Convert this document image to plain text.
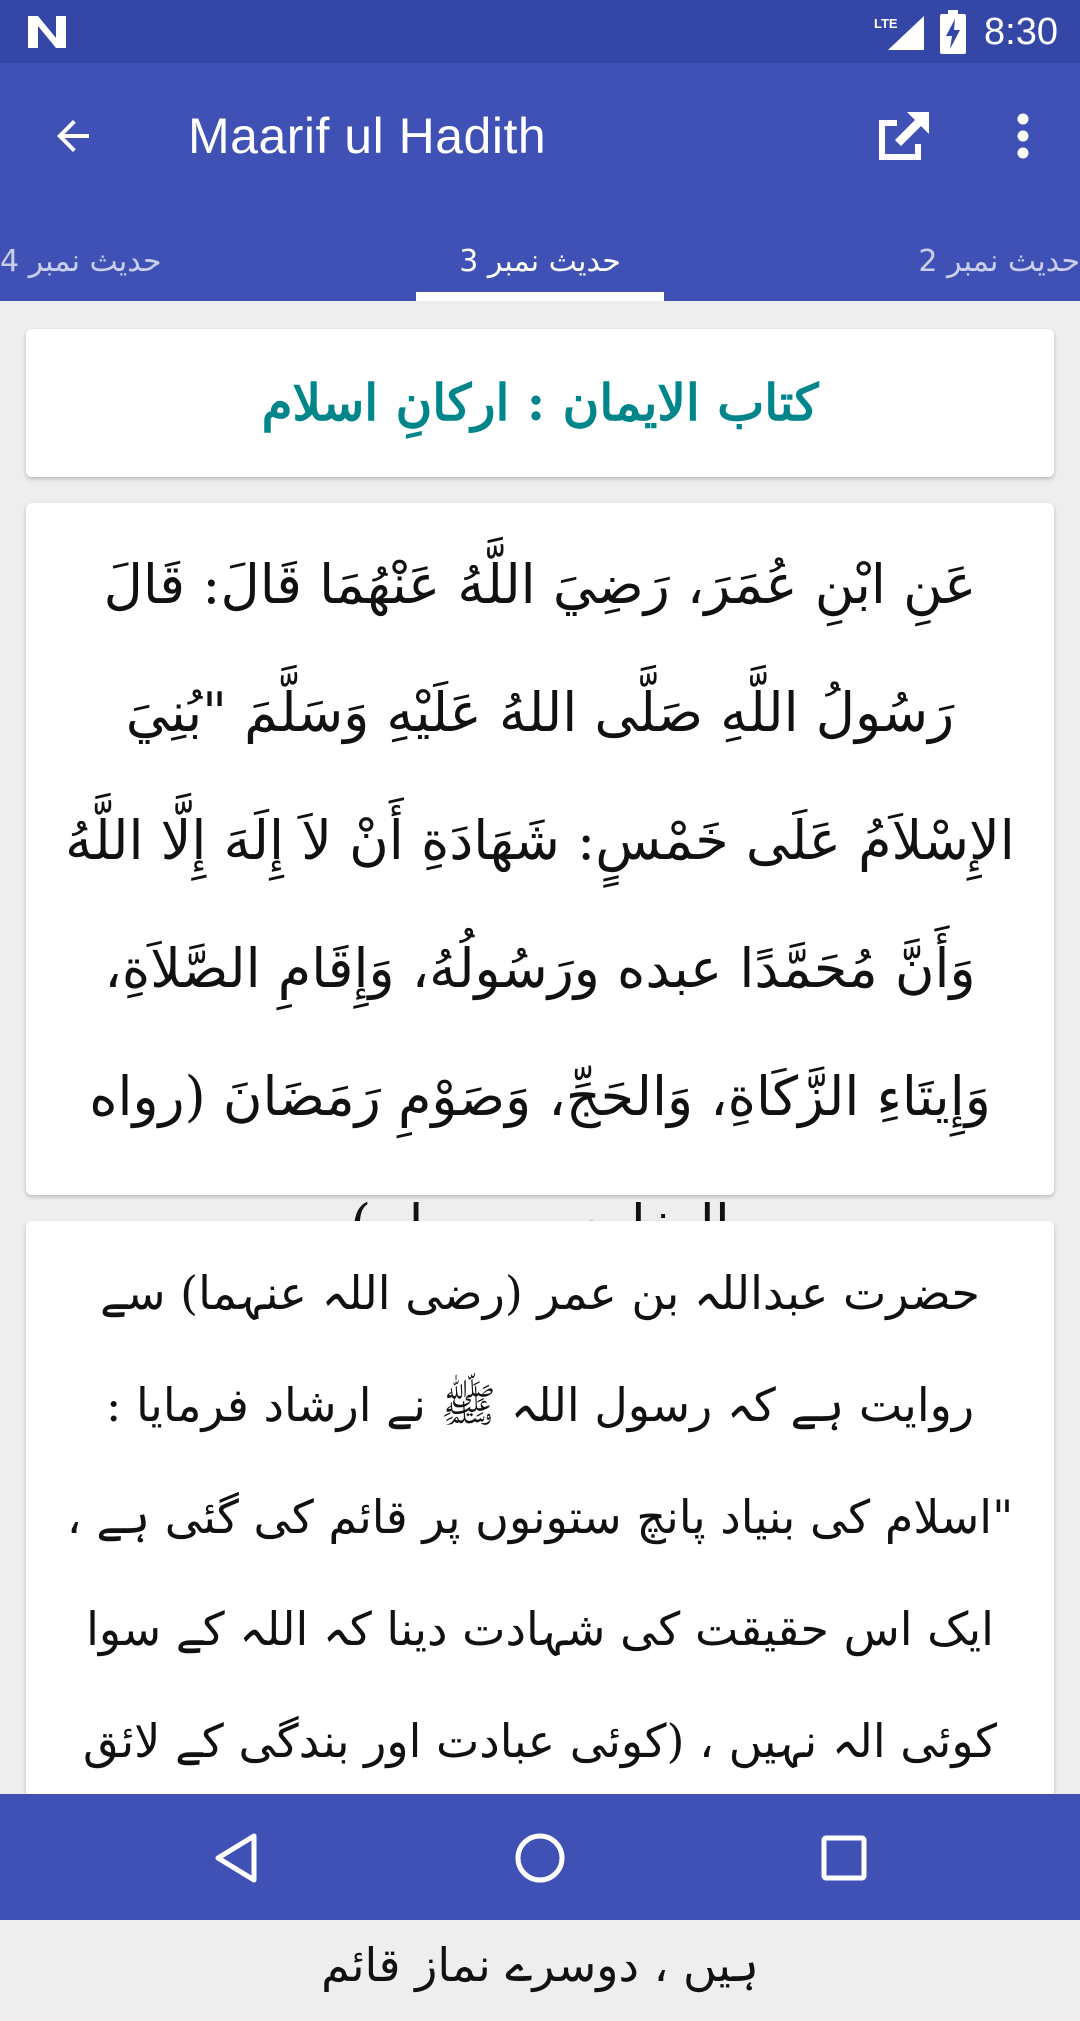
LTE 8:30
Maarif ul Hadith
حدیث نمبر 4	حدیث نمبر 3	حدیث نمبر 2
کتاب الایمان : ارکانِ اسلام
عَنِ ابْنِ عُمَرَ، رَضِيَ اللَّهُ عَنْهُمَا قَالَ: قَالَ رَسُولُ اللَّهِ صَلَّى اللهُ عَلَيْهِ وَسَلَّمَ "بُنِيَ الإِسْلاَمُ عَلَى خَمْسٍ: شَهَادَةِ أَنْ لاَ إِلَهَ إِلَّا اللَّهُ وَأَنَّ مُحَمَّدًا عبده ورَسُولُهُ، وَإِقَامِ الصَّلاَةِ، وَإِيتَاءِ الزَّكَاةِ، وَالحَجِّ، وَصَوْمِ رَمَضَانَ (رواه
حضرت عبداللہ بن عمر (رضی اللہ عنہما) سے روایت ہے کہ رسول اللہ ﷺ نے ارشاد فرمایا : "اسلام کی بنیاد پانچ ستونوں پر قائم کی گئی ہے ، ایک اس حقیقت کی شہادت دینا کہ اللہ کے سوا کوئی الہ نہیں ، (کوئی عبادت اور بندگی کے لائق ہیں ، دوسرے نماز قائم
